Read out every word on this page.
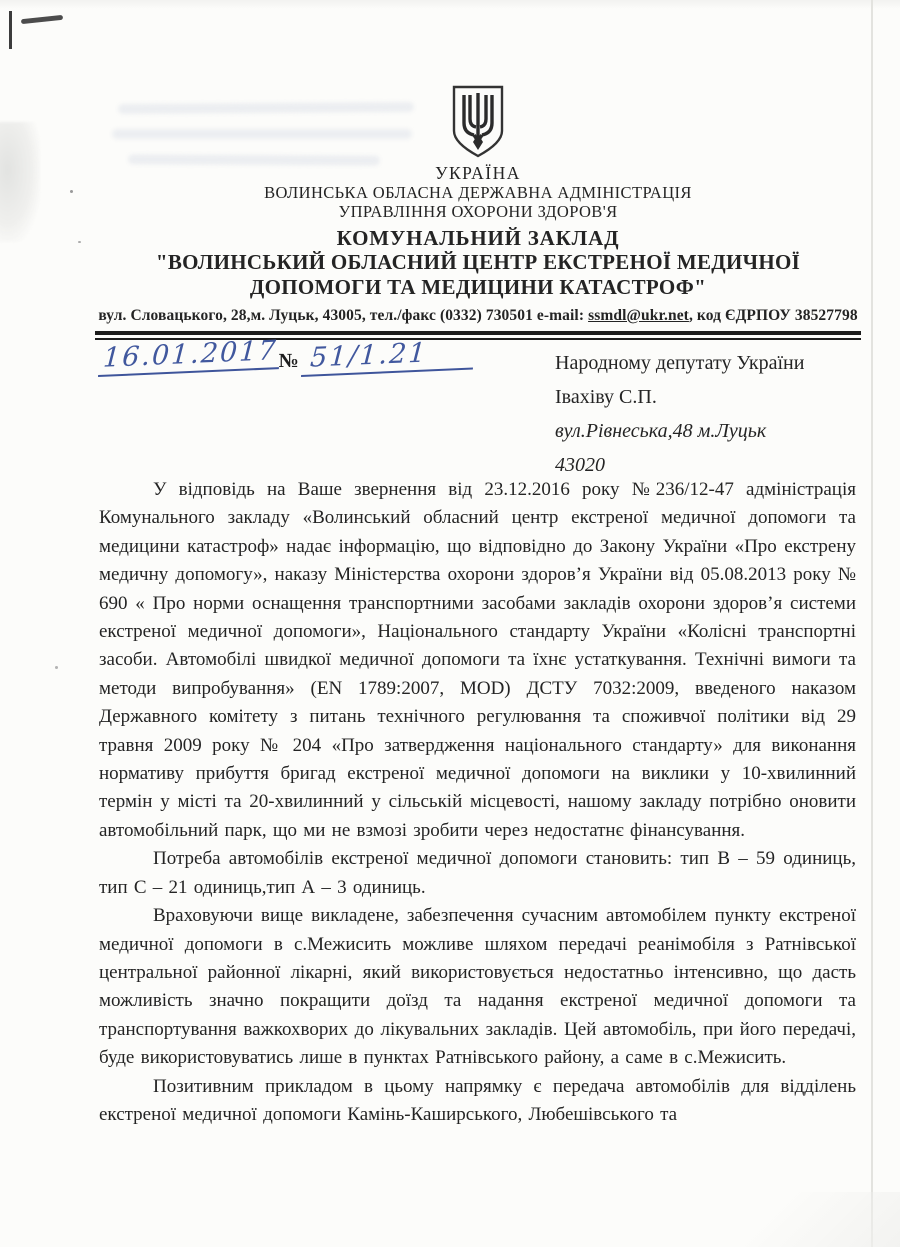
УКРАЇНА
ВОЛИНСЬКА ОБЛАСНА ДЕРЖАВНА АДМІНІСТРАЦІЯ
УПРАВЛІННЯ ОХОРОНИ ЗДОРОВ'Я
КОМУНАЛЬНИЙ ЗАКЛАД
"ВОЛИНСЬКИЙ ОБЛАСНИЙ ЦЕНТР ЕКСТРЕНОЇ МЕДИЧНОЇ
ДОПОМОГИ ТА МЕДИЦИНИ КАТАСТРОФ"
вул. Словацького, 28,м. Луцьк, 43005, тел./факс (0332) 730501 e-mail: ssmdl@ukr.net, код ЄДРПОУ 38527798
16.01.2017 № 51/1.21	Народному депутату України
Івахіву С.П.
вул.Рівнеська,48 м.Луцьк
43020

У відповідь на Ваше звернення від 23.12.2016 року №236/12-47 адміністрація Комунального закладу «Волинський обласний центр екстреної медичної допомоги та медицини катастроф» надає інформацію, що відповідно до Закону України «Про екстрену медичну допомогу», наказу Міністерства охорони здоров’я України від 05.08.2013 року № 690 « Про норми оснащення транспортними засобами закладів охорони здоров’я системи екстреної медичної допомоги», Національного стандарту України «Колісні транспортні засоби. Автомобілі швидкої медичної допомоги та їхнє устаткування. Технічні вимоги та методи випробування» (EN 1789:2007, MOD) ДСТУ 7032:2009, введеного наказом Державного комітету з питань технічного регулювання та споживчої політики від 29 травня 2009 року № 204 «Про затвердження національного стандарту» для виконання нормативу прибуття бригад екстреної медичної допомоги на виклики у 10-хвилинний термін у місті та 20-хвилинний у сільській місцевості, нашому закладу потрібно оновити автомобільний парк, що ми не взмозі зробити через недостатнє фінансування.

Потреба автомобілів екстреної медичної допомоги становить: тип В – 59 одиниць, тип С – 21 одиниць,тип А – 3 одиниць.

Враховуючи вище викладене, забезпечення сучасним автомобілем пункту екстреної медичної допомоги в с.Межисить можливе шляхом передачі реанімобіля з Ратнівської центральної районної лікарні, який використовується недостатньо інтенсивно, що дасть можливість значно покращити доїзд та надання екстреної медичної допомоги та транспортування важкохворих до лікувальних закладів. Цей автомобіль, при його передачі, буде використовуватись лише в пунктах Ратнівського району, а саме в с.Межисить.

Позитивним прикладом в цьому напрямку є передача автомобілів для відділень екстреної медичної допомоги Камінь-Каширського, Любешівського та
